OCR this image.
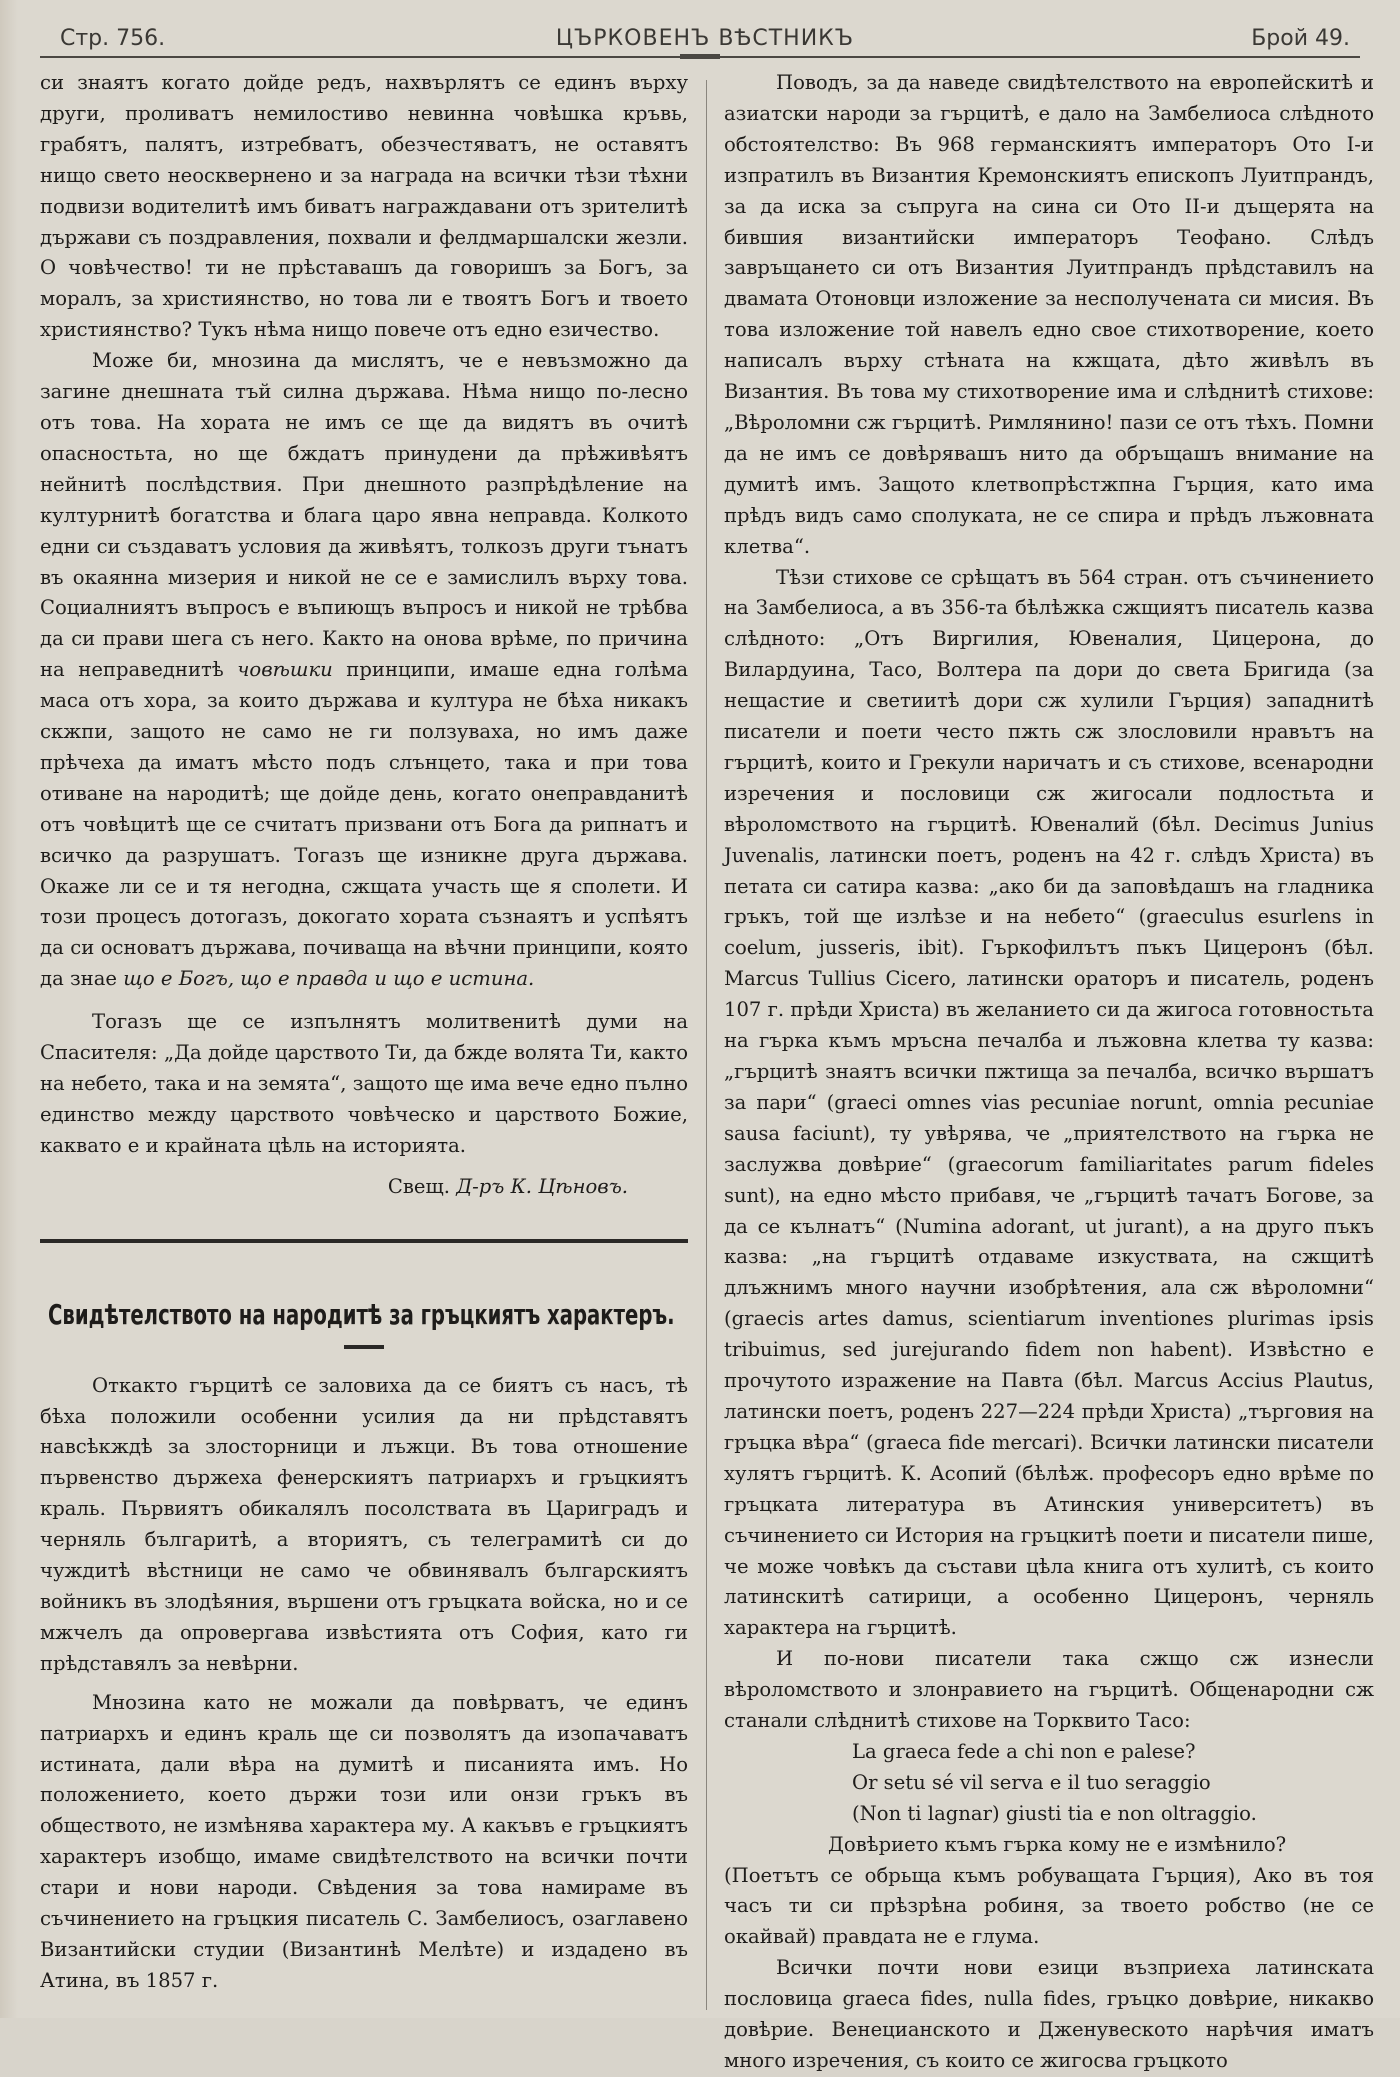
Стр. 756.	ЦЪРКОВЕНЪ ВѢСТНИКЪ	Брой 49.

си знаятъ когато дойде редъ, нахвърлятъ се единъ върху други, проливатъ немилостиво невинна човѣшка кръвь, грабятъ, палятъ, изтребватъ, обезчестяватъ, не оставятъ нищо свето неосквернено и за награда на всички тѣзи тѣхни подвизи водителитѣ имъ биватъ награждавани отъ зрителитѣ държави съ поздравления, похвали и фелдмаршалски жезли. О човѣчество! ти не прѣставашъ да говоришъ за Богъ, за моралъ, за християнство, но това ли е твоятъ Богъ и твоето християнство? Тукъ нѣма нищо повече отъ едно езичество.

Може би, мнозина да мислятъ, че е невъзможно да загине днешната тъй силна държава. Нѣма нищо по-лесно отъ това. На хората не имъ се ще да видятъ въ очитѣ опасностьта, но ще бждатъ принудени да прѣживѣятъ нейнитѣ послѣдствия. При днешното разпрѣдѣление на културнитѣ богатства и блага царо явна неправда. Колкото едни си създаватъ условия да живѣятъ, толкозъ други тънатъ въ окаянна мизерия и никой не се е замислилъ върху това. Социалниятъ въпросъ е въпиющъ въпросъ и никой не трѣбва да си прави шега съ него. Както на онова врѣме, по причина на неправеднитѣ човѣшки принципи, имаше една голѣма маса отъ хора, за които държава и култура не бѣха никакъ скжпи, защото не само не ги ползуваха, но имъ даже прѣчеха да иматъ мѣсто подъ слънцето, така и при това отиване на народитѣ; ще дойде день, когато онеправданитѣ отъ човѣцитѣ ще се считатъ призвани отъ Бога да рипнатъ и всичко да разрушатъ. Тогазъ ще изникне друга държава. Окаже ли се и тя негодна, сжщата участь ще я сполети. И този процесъ дотогазъ, докогато хората съзнаятъ и успѣятъ да си основатъ държава, почиваща на вѣчни принципи, която да знае що е Богъ, що е правда и що е истина.

Тогазъ ще се изпълнятъ молитвенитѣ думи на Спасителя: „Да дойде царството Ти, да бжде волята Ти, както на небето, така и на земята“, защото ще има вече едно пълно единство между царството човѣческо и царството Божие, каквато е и крайната цѣль на историята.

Свещ. Д-ръ К. Цѣновъ.
Свидѣтелството на народитѣ за гръцкиятъ характеръ.

Откакто гърцитѣ се заловиха да се биятъ съ насъ, тѣ бѣха положили особенни усилия да ни прѣдставятъ навсѣкждѣ за злосторници и лъжци. Въ това отношение първенство държеха фенерскиятъ патриархъ и гръцкиятъ краль. Първиятъ обикалялъ посолствата въ Цариградъ и черняль българитѣ, а вториятъ, съ телеграмитѣ си до чуждитѣ вѣстници не само че обвинявалъ българскиятъ войникъ въ злодѣяния, вършени отъ гръцката войска, но и се мжчелъ да опровергава извѣстията отъ София, като ги прѣдставялъ за невѣрни.

Мнозина като не можали да повѣрватъ, че единъ патриархъ и единъ краль ще си позволятъ да изопачаватъ истината, дали вѣра на думитѣ и писанията имъ. Но положението, което държи този или онзи гръкъ въ обществото, не измѣнява характера му. А какъвъ е гръцкиятъ характеръ изобщо, имаме свидѣтелството на всички почти стари и нови народи. Свѣдения за това намираме въ съчинението на гръцкия писатель С. Замбелиосъ, озаглавено Византийски студии (Византинѣ Мелѣте) и издадено въ Атина, въ 1857 г.

Поводъ, за да наведе свидѣтелството на европейскитѣ и азиатски народи за гърцитѣ, е дало на Замбелиоса слѣдното обстоятелство: Въ 968 германскиятъ императоръ Ото I-и изпратилъ въ Византия Кремонскиятъ епископъ Луитпрандъ, за да иска за съпруга на сина си Ото II-и дъщерята на бившия византийски императоръ Теофано. Слѣдъ завръщането си отъ Византия Луитпрандъ прѣдставилъ на двамата Отоновци изложение за несполучената си мисия. Въ това изложение той навелъ едно свое стихотворение, което написалъ върху стѣната на кжщата, дѣто живѣлъ въ Византия. Въ това му стихотворение има и слѣднитѣ стихове: „Вѣроломни сж гърцитѣ. Римлянино! пази се отъ тѣхъ. Помни да не имъ се довѣрявашъ нито да обръщашъ внимание на думитѣ имъ. Защото клетвопрѣстжпна Гърция, като има прѣдъ видъ само сполуката, не се спира и прѣдъ лъжовната клетва“.

Тѣзи стихове се срѣщатъ въ 564 стран. отъ съчинението на Замбелиоса, а въ 356-та бѣлѣжка сжщиятъ писатель казва слѣдното: „Отъ Виргилия, Ювеналия, Цицерона, до Вилардуина, Тасо, Волтера па дори до света Бригида (за нещастие и светиитѣ дори сж хулили Гърция) западнитѣ писатели и поети често пжть сж злословили нравътъ на гърцитѣ, които и Грекули наричатъ и съ стихове, всенародни изречения и пословици сж жигосали подлостьта и вѣроломството на гърцитѣ. Ювеналий (бѣл. Decimus Junius Juvenalis, латински поетъ, роденъ на 42 г. слѣдъ Христа) въ петата си сатира казва: „ако би да заповѣдашъ на гладника гръкъ, той ще излѣзе и на небето“ (graeculus esurlens in coelum, jusseris, ibit). Гъркофилътъ пъкъ Цицеронъ (бѣл. Marcus Tullius Cicero, латински ораторъ и писатель, роденъ 107 г. прѣди Христа) въ желанието си да жигоса готовностьта на гърка къмъ мръсна печалба и лъжовна клетва ту казва: „гърцитѣ знаятъ всички пжтища за печалба, всичко вършатъ за пари“ (graeci omnes vias pecuniae norunt, omnia pecuniae sausa faciunt), ту увѣрява, че „приятелството на гърка не заслужва довѣрие“ (graecorum familiaritates parum fideles sunt), на едно мѣсто прибавя, че „гърцитѣ тачатъ Богове, за да се кълнатъ“ (Numina adorant, ut jurant), а на друго пъкъ казва: „на гърцитѣ отдаваме изкуствата, на сжщитѣ длъжнимъ много научни изобрѣтения, ала сж вѣроломни“ (graecis artes damus, scientiarum inventiones plurimas ipsis tribuimus, sed jurejurando fidem non habent). Извѣстно е прочутото изражение на Павта (бѣл. Marcus Accius Plautus, латински поетъ, роденъ 227—224 прѣди Христа) „търговия на гръцка вѣра“ (graeca fide mercari). Всички латински писатели хулятъ гърцитѣ. К. Асопий (бѣлѣж. професоръ едно врѣме по гръцката литература въ Атинския университетъ) въ съчинението си История на гръцкитѣ поети и писатели пише, че може човѣкъ да състави цѣла книга отъ хулитѣ, съ които латинскитѣ сатирици, а особенно Цицеронъ, черняль характера на гърцитѣ.

И по-нови писатели така сжщо сж изнесли вѣроломството и злонравието на гърцитѣ. Общенародни сж станали слѣднитѣ стихове на Торквито Тасо:

La graeca fede a chi non e palese?

Or setu sé vil serva e il tuo seraggio

(Non ti lagnar) giusti tia e non oltraggio.

Довѣрието къмъ гърка кому не е измѣнило?

(Поетътъ се обрьща къмъ робуващата Гърция), Ако въ тоя часъ ти си прѣзрѣна робиня, за твоето робство (не се окайвай) правдата не е глума.

Всички почти нови езици възприеха латинската пословица graeca fides, nulla fides, гръцко довѣрие, никакво довѣрие. Венецианското и Дженувеското нарѣчия иматъ много изречения, съ които се жигосва гръцкото
